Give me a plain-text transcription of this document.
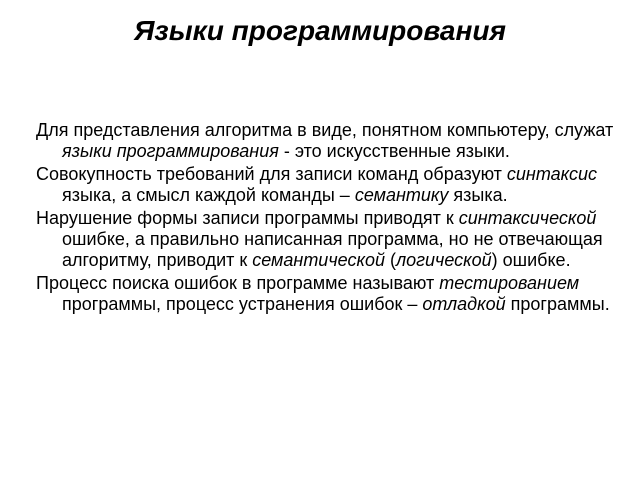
Языки программирования
Для представления алгоритма в виде, понятном компьютеру, служат языки программирования - это искусственные языки.
Совокупность требований для записи команд образуют синтаксис языка, а смысл каждой команды – семантику языка.
Нарушение формы записи программы приводят к синтаксической ошибке, а правильно написанная программа, но не отвечающая алгоритму, приводит к семантической (логической) ошибке.
Процесс поиска ошибок в программе называют тестированием программы, процесс устранения ошибок – отладкой программы.
